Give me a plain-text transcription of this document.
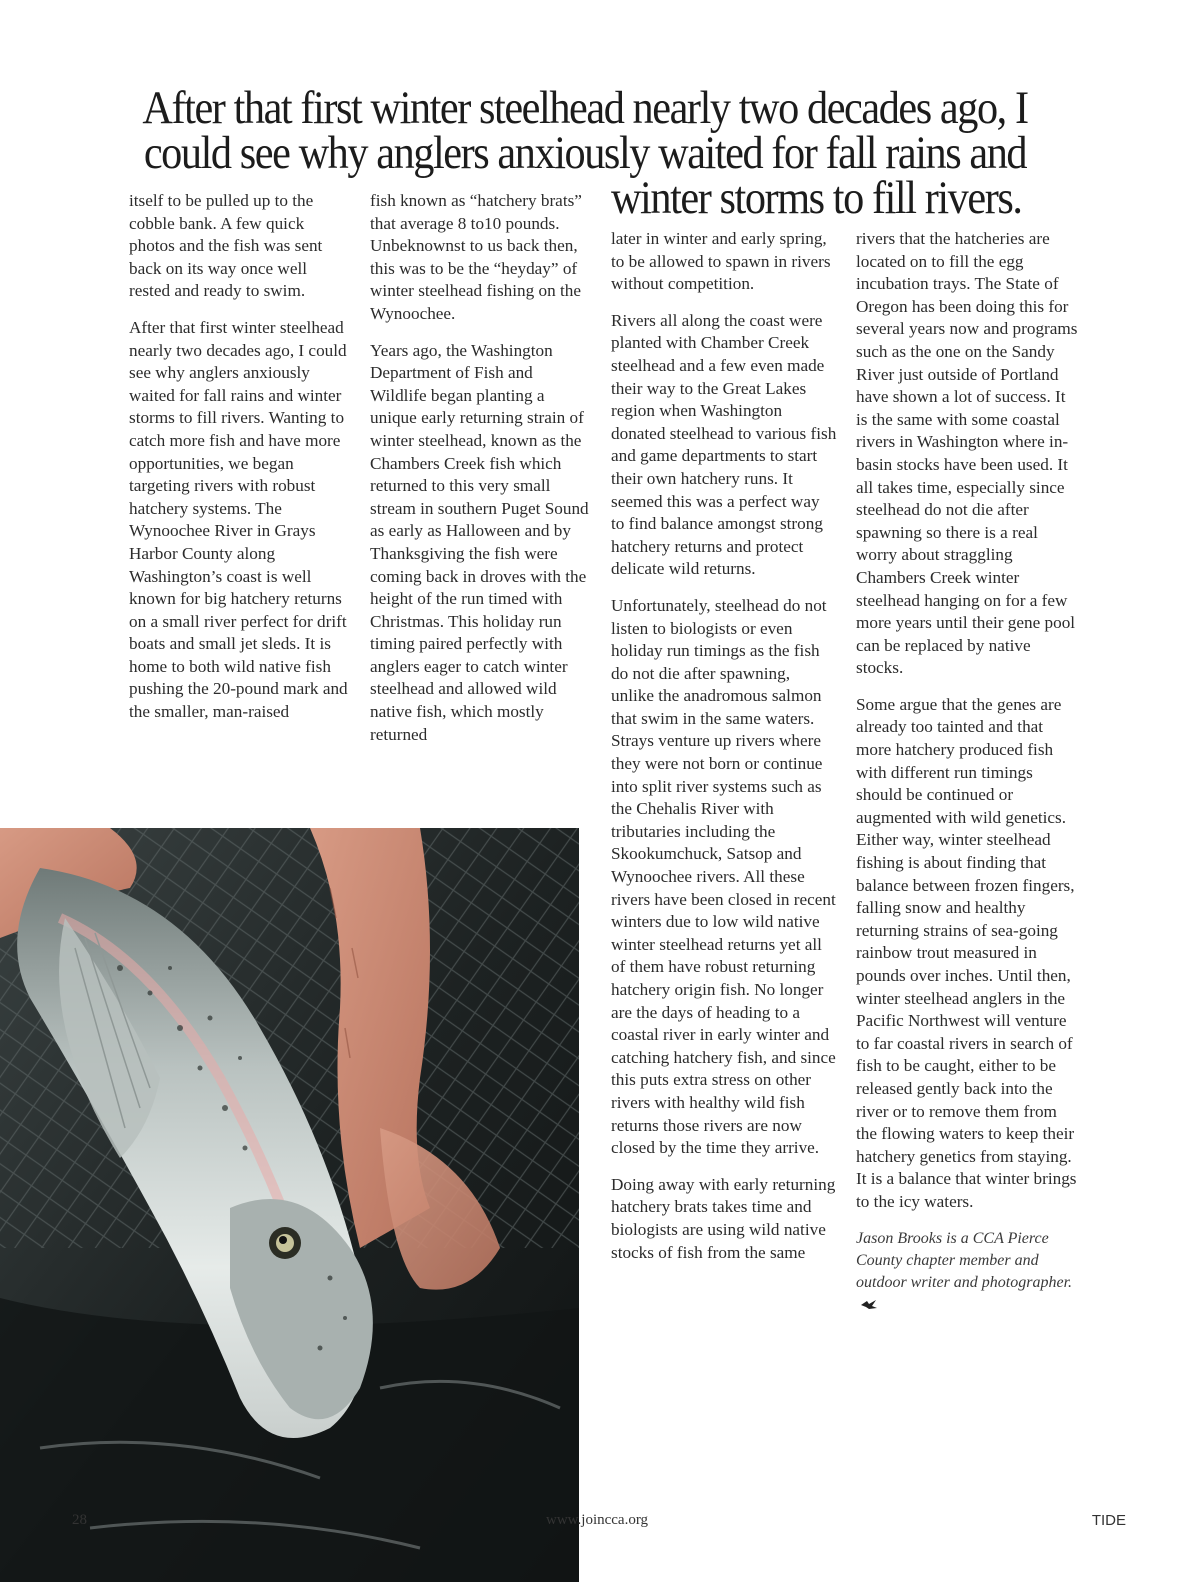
After that first winter steelhead nearly two decades ago, I
could see why anglers anxiously waited for fall rains and
winter storms to fill rivers.

itself to be pulled up to the cobble bank. A few quick photos and the fish was sent back on its way once well rested and ready to swim.

After that first winter steelhead nearly two decades ago, I could see why anglers anxiously waited for fall rains and winter storms to fill rivers. Wanting to catch more fish and have more opportunities, we began targeting rivers with robust hatchery systems. The Wynoochee River in Grays Harbor County along Washington’s coast is well known for big hatchery returns on a small river perfect for drift boats and small jet sleds. It is home to both wild native fish pushing the 20-pound mark and the smaller, man-raised

fish known as “hatchery brats” that average 8 to10 pounds. Unbeknownst to us back then, this was to be the “heyday” of winter steelhead fishing on the Wynoochee.

Years ago, the Washington Department of Fish and Wildlife began planting a unique early returning strain of winter steelhead, known as the Chambers Creek fish which returned to this very small stream in southern Puget Sound as early as Halloween and by Thanksgiving the fish were coming back in droves with the height of the run timed with Christmas. This holiday run timing paired perfectly with anglers eager to catch winter steelhead and allowed wild native fish, which mostly returned

later in winter and early spring, to be allowed to spawn in rivers without competition.

Rivers all along the coast were planted with Chamber Creek steelhead and a few even made their way to the Great Lakes region when Washington donated steelhead to various fish and game departments to start their own hatchery runs. It seemed this was a perfect way to find balance amongst strong hatchery returns and protect delicate wild returns.

Unfortunately, steelhead do not listen to biologists or even holiday run timings as the fish do not die after spawning, unlike the anadromous salmon that swim in the same waters. Strays venture up rivers where they were not born or continue into split river systems such as the Chehalis River with tributaries including the Skookumchuck, Satsop and Wynoochee rivers. All these rivers have been closed in recent winters due to low wild native winter steelhead returns yet all of them have robust returning hatchery origin fish. No longer are the days of heading to a coastal river in early winter and catching hatchery fish, and since this puts extra stress on other rivers with healthy wild fish returns those rivers are now closed by the time they arrive.

Doing away with early returning hatchery brats takes time and biologists are using wild native stocks of fish from the same

rivers that the hatcheries are located on to fill the egg incubation trays. The State of Oregon has been doing this for several years now and programs such as the one on the Sandy River just outside of Portland have shown a lot of success. It is the same with some coastal rivers in Washington where in-basin stocks have been used. It all takes time, especially since steelhead do not die after spawning so there is a real worry about straggling Chambers Creek winter steelhead hanging on for a few more years until their gene pool can be replaced by native stocks.

Some argue that the genes are already too tainted and that more hatchery produced fish with different run timings should be continued or augmented with wild genetics. Either way, winter steelhead fishing is about finding that balance between frozen fingers, falling snow and healthy returning strains of sea-going rainbow trout measured in pounds over inches. Until then, winter steelhead anglers in the Pacific Northwest will venture to far coastal rivers in search of fish to be caught, either to be released gently back into the river or to remove them from the flowing waters to keep their hatchery genetics from staying. It is a balance that winter brings to the icy waters.

Jason Brooks is a CCA Pierce County chapter member and outdoor writer and photographer.

28	www.joincca.org	TIDE
